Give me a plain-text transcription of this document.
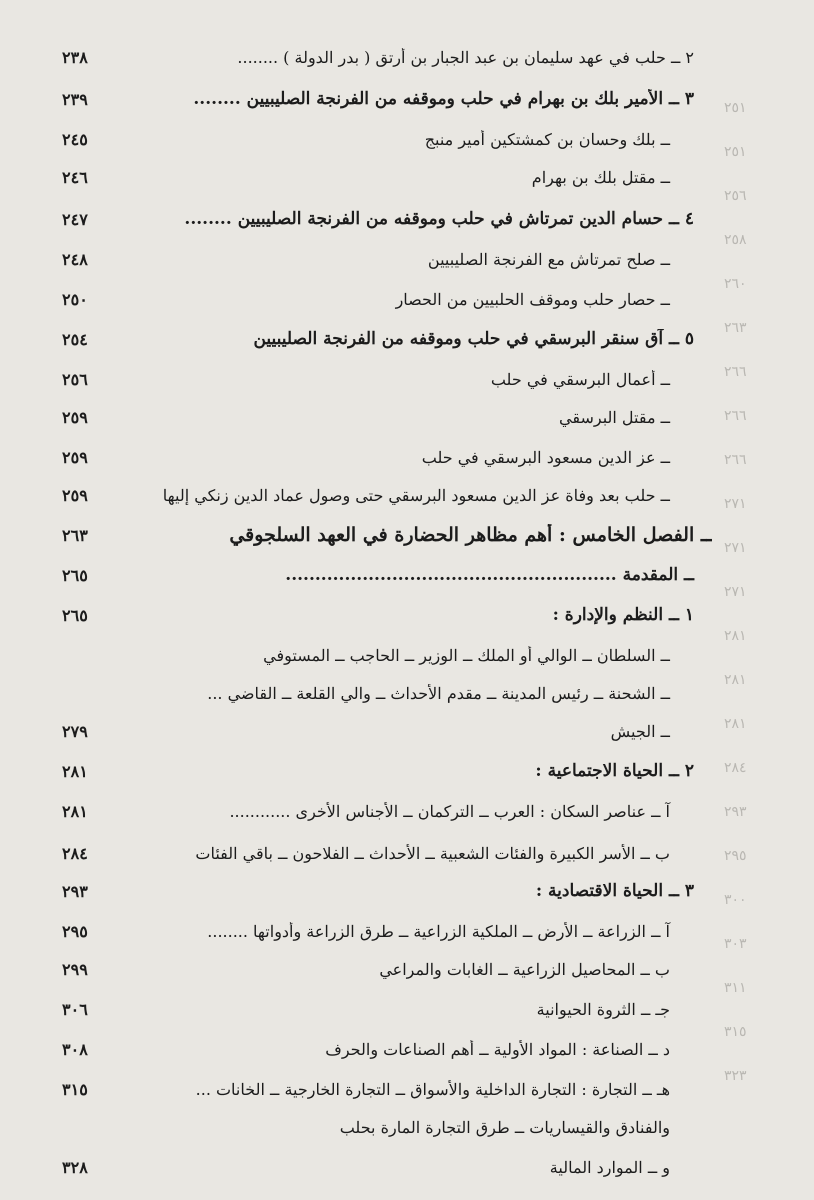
٢٥١
٢٥١
٢٥٦
٢٥٨
٢٦٠
٢٦٣
٢٦٦
٢٦٦
٢٦٦
٢٧١
٢٧١
٢٧١
٢٨١
٢٨١
٢٨١
٢٨٤
٢٩٣
٢٩٥
٣٠٠
٣٠٣
٣١١
٣١٥
٣٢٣
٢٣٨	٢ ــ حلب في عهد سليمان بن عبد الجبار بن أرتق ( بدر الدولة ) ........
٢٣٩	٣ ــ الأمير بلك بن بهرام في حلب وموقفه من الفرنجة الصليبيين ........
٢٤٥	ــ بلك وحسان بن كمشتكين أمير منبج
٢٤٦	ــ مقتل بلك بن بهرام
٢٤٧	٤ ــ حسام الدين تمرتاش في حلب وموقفه من الفرنجة الصليبيين ........
٢٤٨	ــ صلح تمرتاش مع الفرنجة الصليبيين
٢٥٠	ــ حصار حلب وموقف الحلبيين من الحصار
٢٥٤	٥ ــ آق سنقر البرسقي في حلب وموقفه من الفرنجة الصليبيين
٢٥٦	ــ أعمال البرسقي في حلب
٢٥٩	ــ مقتل البرسقي
٢٥٩	ــ عز الدين مسعود البرسقي في حلب
٢٥٩	ــ حلب بعد وفاة عز الدين مسعود البرسقي حتى وصول عماد الدين زنكي إليها
٢٦٣	ــ الفصل الخامس : أهم مظاهر الحضارة في العهد السلجوقي
٢٦٥	ــ المقدمة ........................................................
٢٦٥	١ ــ النظم والإدارة :
ــ السلطان ــ الوالي أو الملك ــ الوزير ــ الحاجب ــ المستوفي
ــ الشحنة ــ رئيس المدينة ــ مقدم الأحداث ــ والي القلعة ــ القاضي ...
٢٧٩	ــ الجيش
٢٨١	٢ ــ الحياة الاجتماعية :
٢٨١	آ ــ عناصر السكان : العرب ــ التركمان ــ الأجناس الأخرى ............
٢٨٤	ب ــ الأسر الكبيرة والفئات الشعبية ــ الأحداث ــ الفلاحون ــ باقي الفئات
٢٩٣	٣ ــ الحياة الاقتصادية :
٢٩٥	آ ــ الزراعة ــ الأرض ــ الملكية الزراعية ــ طرق الزراعة وأدواتها ........
٢٩٩	ب ــ المحاصيل الزراعية ــ الغابات والمراعي
٣٠٦	جـ ــ الثروة الحيوانية
٣٠٨	د ــ الصناعة : المواد الأولية ــ أهم الصناعات والحرف
٣١٥	هـ ــ التجارة : التجارة الداخلية والأسواق ــ التجارة الخارجية ــ الخانات ...
والفنادق والقيساريات ــ طرق التجارة المارة بحلب
٣٢٨	و ــ الموارد المالية
